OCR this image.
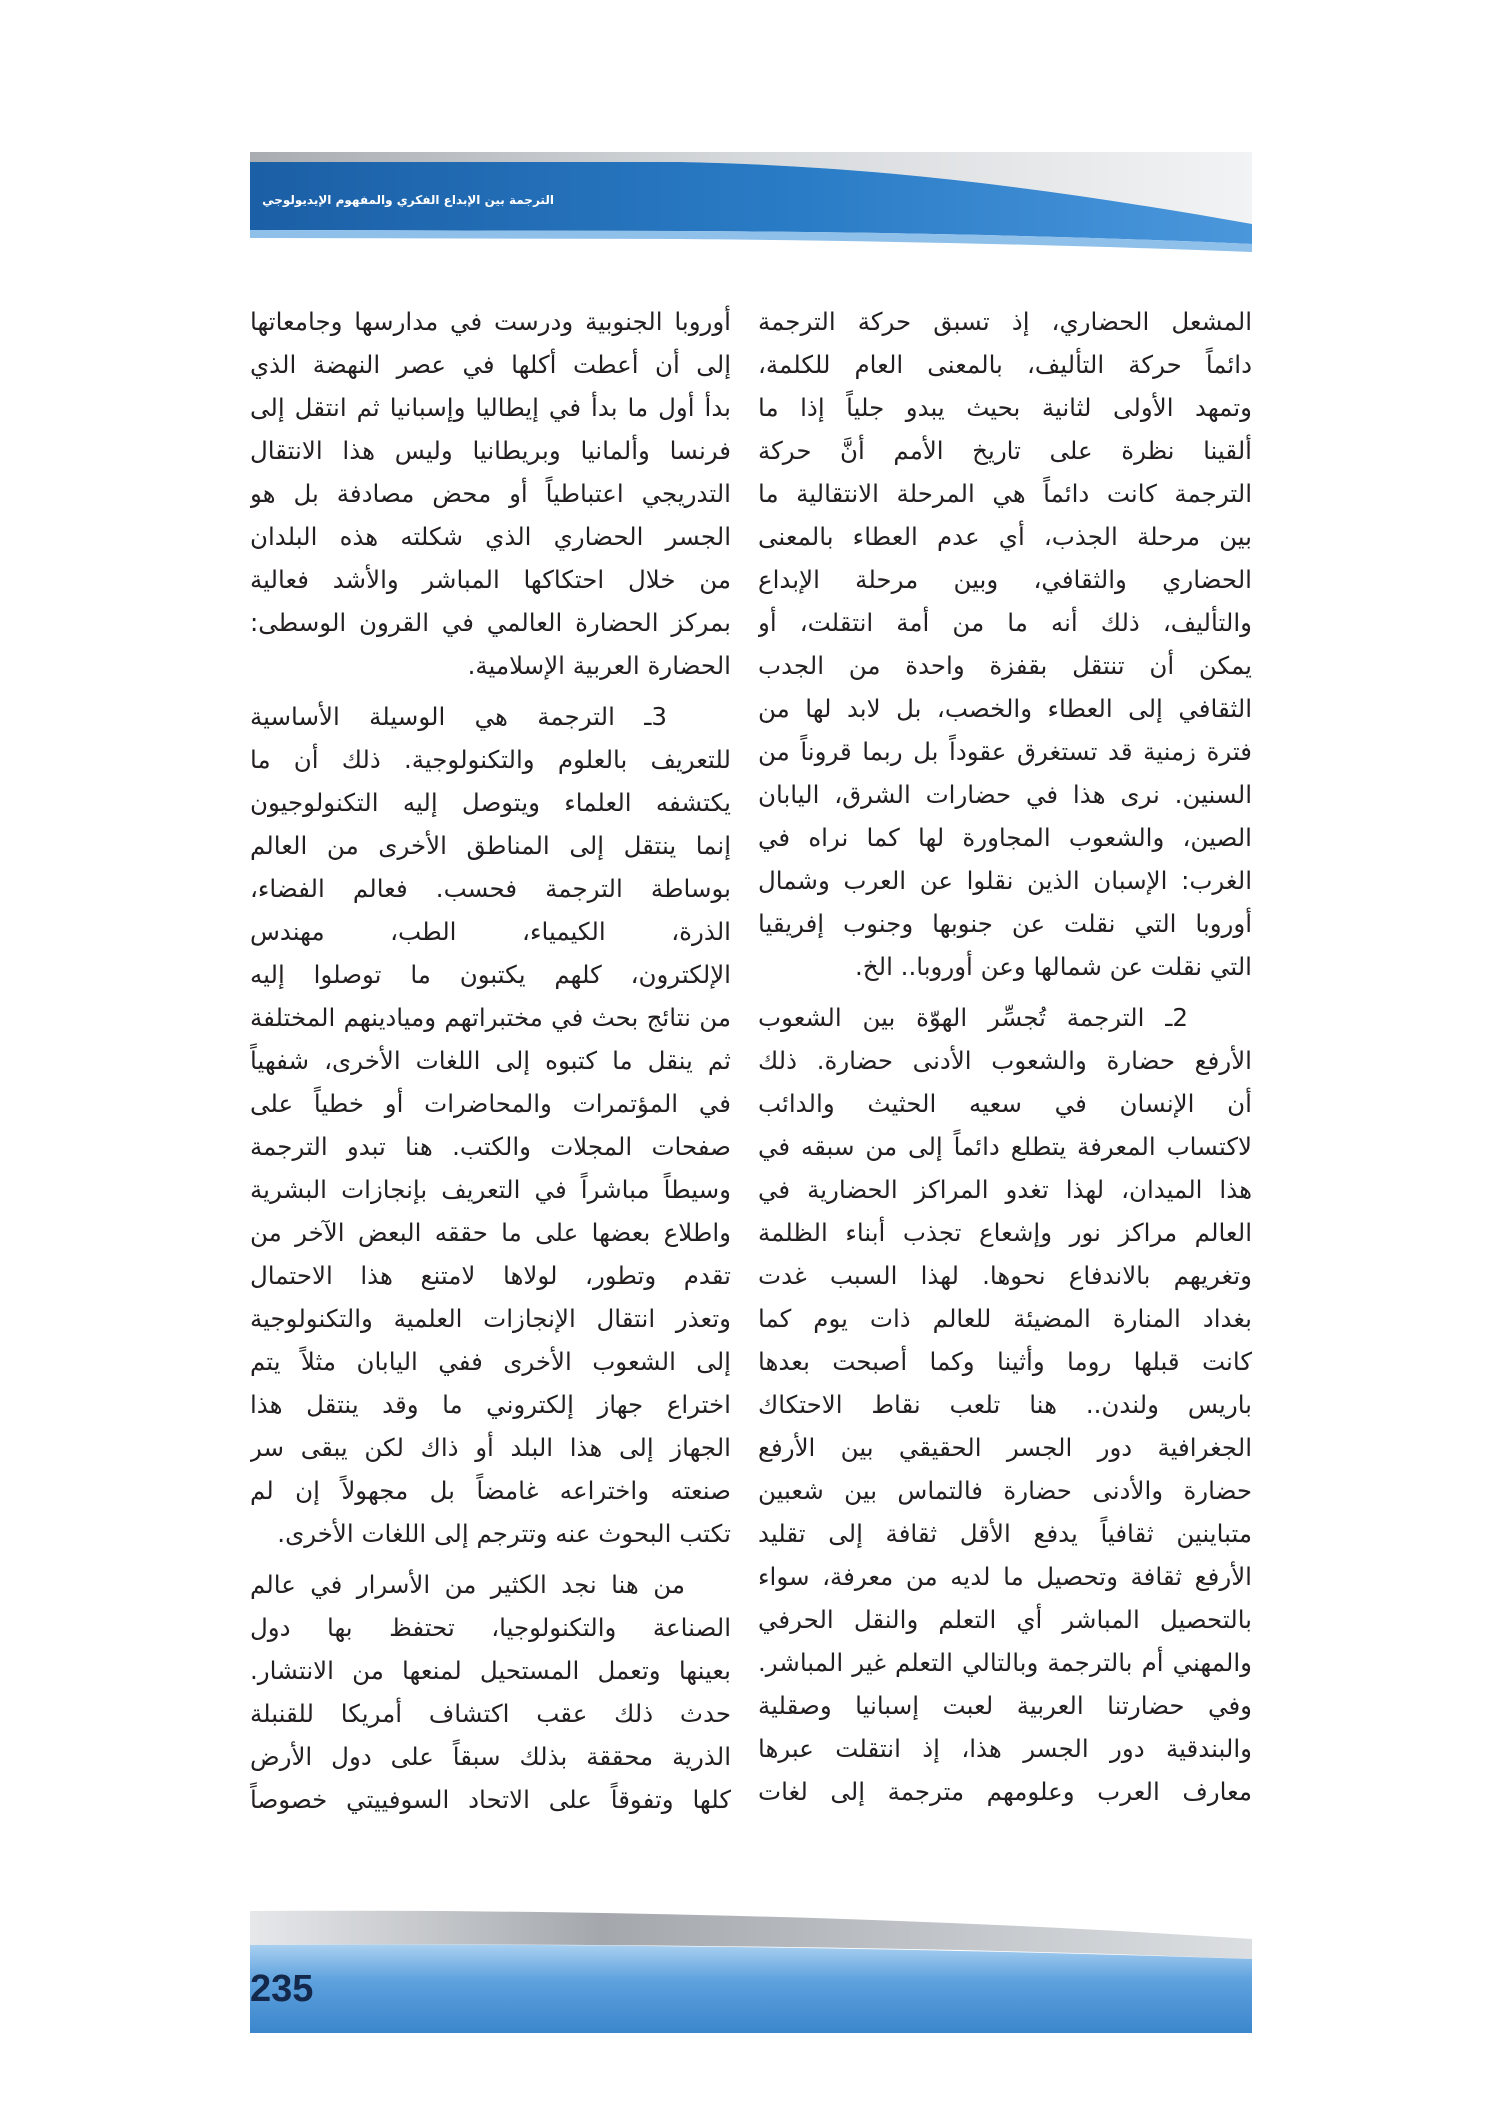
الترجمة بين الإبداع الفكري والمفهوم الإيديولوجي
المشعل الحضاري، إذ تسبق حركة الترجمة
دائماً حركة التأليف، بالمعنى العام للكلمة،
وتمهد الأولى لثانية بحيث يبدو جلياً إذا ما
ألقينا نظرة على تاريخ الأمم أنَّ حركة
الترجمة كانت دائماً هي المرحلة الانتقالية ما
بين مرحلة الجذب، أي عدم العطاء بالمعنى
الحضاري والثقافي، وبين مرحلة الإبداع
والتأليف، ذلك أنه ما من أمة انتقلت، أو
يمكن أن تنتقل بقفزة واحدة من الجدب
الثقافي إلى العطاء والخصب، بل لابد لها من
فترة زمنية قد تستغرق عقوداً بل ربما قروناً من
السنين. نرى هذا في حضارات الشرق، اليابان
الصين، والشعوب المجاورة لها كما نراه في
الغرب: الإسبان الذين نقلوا عن العرب وشمال
أوروبا التي نقلت عن جنوبها وجنوب إفريقيا
التي نقلت عن شمالها وعن أوروبا.. الخ.
2ـ الترجمة تُجسِّر الهوّة بين الشعوب
الأرفع حضارة والشعوب الأدنى حضارة. ذلك
أن الإنسان في سعيه الحثيث والدائب
لاكتساب المعرفة يتطلع دائماً إلى من سبقه في
هذا الميدان، لهذا تغدو المراكز الحضارية في
العالم مراكز نور وإشعاع تجذب أبناء الظلمة
وتغريهم بالاندفاع نحوها. لهذا السبب غدت
بغداد المنارة المضيئة للعالم ذات يوم كما
كانت قبلها روما وأثينا وكما أصبحت بعدها
باريس ولندن.. هنا تلعب نقاط الاحتكاك
الجغرافية دور الجسر الحقيقي بين الأرفع
حضارة والأدنى حضارة فالتماس بين شعبين
متباينين ثقافياً يدفع الأقل ثقافة إلى تقليد
الأرفع ثقافة وتحصيل ما لديه من معرفة، سواء
بالتحصيل المباشر أي التعلم والنقل الحرفي
والمهني أم بالترجمة وبالتالي التعلم غير المباشر.
وفي حضارتنا العربية لعبت إسبانيا وصقلية
والبندقية دور الجسر هذا، إذ انتقلت عبرها
معارف العرب وعلومهم مترجمة إلى لغات
أوروبا الجنوبية ودرست في مدارسها وجامعاتها
إلى أن أعطت أكلها في عصر النهضة الذي
بدأ أول ما بدأ في إيطاليا وإسبانيا ثم انتقل إلى
فرنسا وألمانيا وبريطانيا وليس هذا الانتقال
التدريجي اعتباطياً أو محض مصادفة بل هو
الجسر الحضاري الذي شكلته هذه البلدان
من خلال احتكاكها المباشر والأشد فعالية
بمركز الحضارة العالمي في القرون الوسطى:
الحضارة العربية الإسلامية.
3ـ الترجمة هي الوسيلة الأساسية
للتعريف بالعلوم والتكنولوجية. ذلك أن ما
يكتشفه العلماء ويتوصل إليه التكنولوجيون
إنما ينتقل إلى المناطق الأخرى من العالم
بوساطة الترجمة فحسب. فعالم الفضاء،
الذرة، الكيمياء، الطب، مهندس
الإلكترون، كلهم يكتبون ما توصلوا إليه
من نتائج بحث في مختبراتهم وميادينهم المختلفة
ثم ينقل ما كتبوه إلى اللغات الأخرى، شفهياً
في المؤتمرات والمحاضرات أو خطياً على
صفحات المجلات والكتب. هنا تبدو الترجمة
وسيطاً مباشراً في التعريف بإنجازات البشرية
واطلاع بعضها على ما حققه البعض الآخر من
تقدم وتطور، لولاها لامتنع هذا الاحتمال
وتعذر انتقال الإنجازات العلمية والتكنولوجية
إلى الشعوب الأخرى ففي اليابان مثلاً يتم
اختراع جهاز إلكتروني ما وقد ينتقل هذا
الجهاز إلى هذا البلد أو ذاك لكن يبقى سر
صنعته واختراعه غامضاً بل مجهولاً إن لم
تكتب البحوث عنه وتترجم إلى اللغات الأخرى.
من هنا نجد الكثير من الأسرار في عالم
الصناعة والتكنولوجيا، تحتفظ بها دول
بعينها وتعمل المستحيل لمنعها من الانتشار.
حدث ذلك عقب اكتشاف أمريكا للقنبلة
الذرية محققة بذلك سبقاً على دول الأرض
كلها وتفوقاً على الاتحاد السوفييتي خصوصاً
235
